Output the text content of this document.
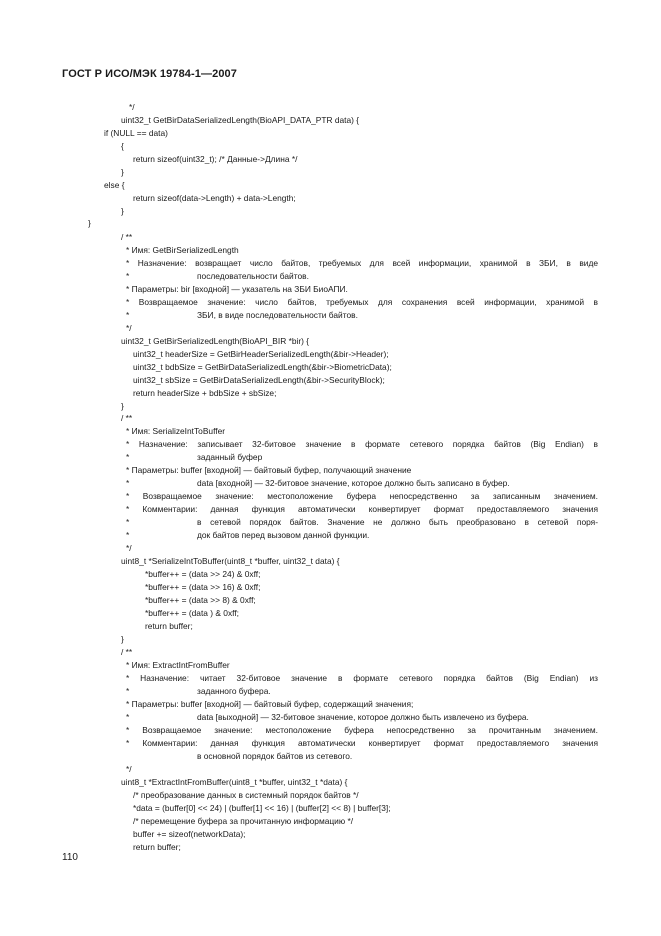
ГОСТ Р ИСО/МЭК 19784-1—2007
*/
uint32_t GetBirDataSerializedLength(BioAPI_DATA_PTR data) {
if (NULL == data)
{
return sizeof(uint32_t); /* Данные->Длина */
}
else {
return sizeof(data->Length) + data->Length;
}
}
/ **
* Имя: GetBirSerializedLength
* Назначение: возвращает число байтов, требуемых для всей информации, хранимой в ЗБИ, в виде
*	последовательности байтов.
* Параметры: bir [входной] — указатель на ЗБИ БиоАПИ.
* Возвращаемое значение: число байтов, требуемых для сохранения всей информации, хранимой в
*	ЗБИ, в виде последовательности байтов.
*/
uint32_t GetBirSerializedLength(BioAPI_BIR *bir) {
uint32_t headerSize = GetBirHeaderSerializedLength(&bir->Header);
uint32_t bdbSize = GetBirDataSerializedLength(&bir->BiometricData);
uint32_t sbSize = GetBirDataSerializedLength(&bir->SecurityBlock);
return headerSize + bdbSize + sbSize;
}
/ **
* Имя: SerializeIntToBuffer
* Назначение: записывает 32-битовое значение в формате сетевого порядка байтов (Big Endian) в
*	заданный буфер
* Параметры: buffer [входной] — байтовый буфер, получающий значение
*	data [входной] — 32-битовое значение, которое должно быть записано в буфер.
* Возвращаемое значение: местоположение буфера непосредственно за записанным значением.
* Комментарии: данная функция автоматически конвертирует формат предоставляемого значения
*	в сетевой порядок байтов. Значение не должно быть преобразовано в сетевой поря-
*	док байтов перед вызовом данной функции.
*/
uint8_t *SerializeIntToBuffer(uint8_t *buffer, uint32_t data) {
*buffer++ = (data >> 24) & 0xff;
*buffer++ = (data >> 16) & 0xff;
*buffer++ = (data >> 8) & 0xff;
*buffer++ = (data ) & 0xff;
return buffer;
}
/ **
* Имя: ExtractIntFromBuffer
* Назначение: читает 32-битовое значение в формате сетевого порядка байтов (Big Endian) из
*	заданного буфера.
* Параметры: buffer [входной] — байтовый буфер, содержащий значения;
*	data [выходной] — 32-битовое значение, которое должно быть извлечено из буфера.
* Возвращаемое значение: местоположение буфера непосредственно за прочитанным значением.
* Комментарии: данная функция автоматически конвертирует формат предоставляемого значения
в основной порядок байтов из сетевого.
*/
uint8_t *ExtractIntFromBuffer(uint8_t *buffer, uint32_t *data) {
/* преобразование данных в системный порядок байтов */
*data = (buffer[0] << 24) | (buffer[1] << 16) | (buffer[2] << 8) | buffer[3];
/* перемещение буфера за прочитанную информацию */
buffer += sizeof(networkData);
return buffer;
110
